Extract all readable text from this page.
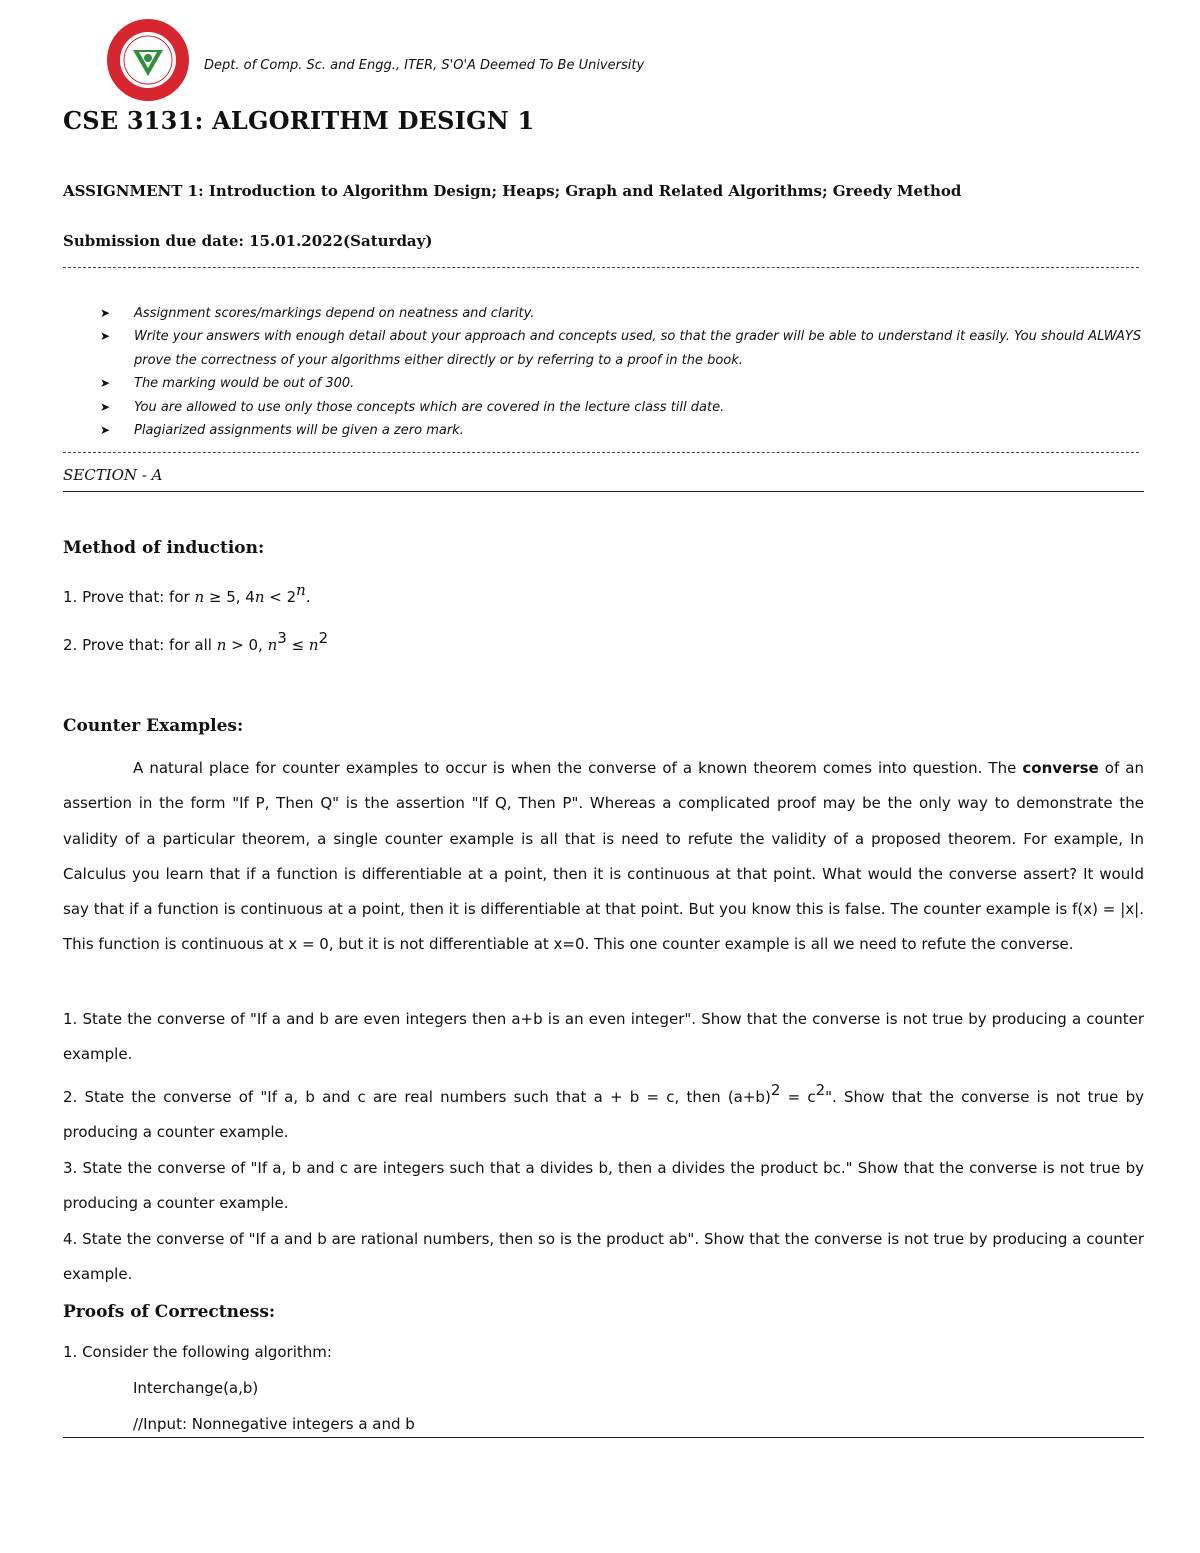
Dept. of Comp. Sc. and Engg., ITER, S'O'A Deemed To Be University
CSE 3131: ALGORITHM DESIGN 1
ASSIGNMENT 1: Introduction to Algorithm Design; Heaps; Graph and Related Algorithms; Greedy Method
Submission due date: 15.01.2022(Saturday)
➤ Assignment scores/markings depend on neatness and clarity.
➤ Write your answers with enough detail about your approach and concepts used, so that the grader will be able to understand it easily. You should ALWAYS prove the correctness of your algorithms either directly or by referring to a proof in the book.
➤ The marking would be out of 300.
➤ You are allowed to use only those concepts which are covered in the lecture class till date.
➤ Plagiarized assignments will be given a zero mark.
SECTION - A
Method of induction:

1. Prove that: for n ≥ 5, 4n < 2n.

2. Prove that: for all n > 0, n3 ≤ n2

Counter Examples:

A natural place for counter examples to occur is when the converse of a known theorem comes into question. The converse of an assertion in the form "If P, Then Q" is the assertion "If Q, Then P". Whereas a complicated proof may be the only way to demonstrate the validity of a particular theorem, a single counter example is all that is need to refute the validity of a proposed theorem. For example, In Calculus you learn that if a function is differentiable at a point, then it is continuous at that point. What would the converse assert? It would say that if a function is continuous at a point, then it is differentiable at that point. But you know this is false. The counter example is f(x) = |x|. This function is continuous at x = 0, but it is not differentiable at x=0. This one counter example is all we need to refute the converse.

1. State the converse of "If a and b are even integers then a+b is an even integer". Show that the converse is not true by producing a counter example.

2. State the converse of "If a, b and c are real numbers such that a + b = c, then (a+b)2 = c2". Show that the converse is not true by producing a counter example.

3. State the converse of "If a, b and c are integers such that a divides b, then a divides the product bc." Show that the converse is not true by producing a counter example.

4. State the converse of "If a and b are rational numbers, then so is the product ab". Show that the converse is not true by producing a counter example.

Proofs of Correctness:

1. Consider the following algorithm:

Interchange(a,b)
//Input: Nonnegative integers a and b
